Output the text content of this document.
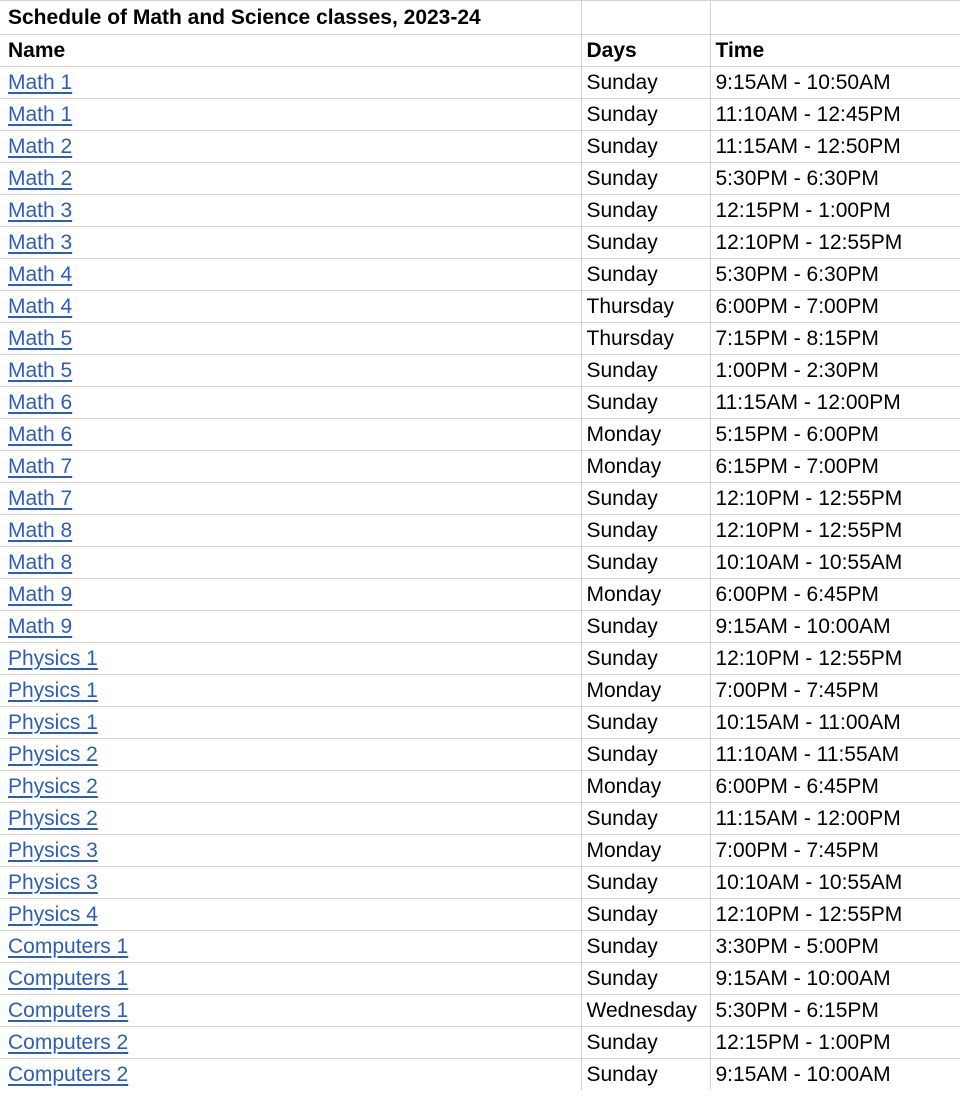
Schedule of Math and Science classes, 2023-24		
Name	Days	Time
Math 1	Sunday	9:15AM - 10:50AM
Math 1	Sunday	11:10AM - 12:45PM
Math 2	Sunday	11:15AM - 12:50PM
Math 2	Sunday	5:30PM - 6:30PM
Math 3	Sunday	12:15PM - 1:00PM
Math 3	Sunday	12:10PM - 12:55PM
Math 4	Sunday	5:30PM - 6:30PM
Math 4	Thursday	6:00PM - 7:00PM
Math 5	Thursday	7:15PM - 8:15PM
Math 5	Sunday	1:00PM - 2:30PM
Math 6	Sunday	11:15AM - 12:00PM
Math 6	Monday	5:15PM - 6:00PM
Math 7	Monday	6:15PM - 7:00PM
Math 7	Sunday	12:10PM - 12:55PM
Math 8	Sunday	12:10PM - 12:55PM
Math 8	Sunday	10:10AM - 10:55AM
Math 9	Monday	6:00PM - 6:45PM
Math 9	Sunday	9:15AM - 10:00AM
Physics 1	Sunday	12:10PM - 12:55PM
Physics 1	Monday	7:00PM - 7:45PM
Physics 1	Sunday	10:15AM - 11:00AM
Physics 2	Sunday	11:10AM - 11:55AM
Physics 2	Monday	6:00PM - 6:45PM
Physics 2	Sunday	11:15AM - 12:00PM
Physics 3	Monday	7:00PM - 7:45PM
Physics 3	Sunday	10:10AM - 10:55AM
Physics 4	Sunday	12:10PM - 12:55PM
Computers 1	Sunday	3:30PM - 5:00PM
Computers 1	Sunday	9:15AM - 10:00AM
Computers 1	Wednesday	5:30PM - 6:15PM
Computers 2	Sunday	12:15PM - 1:00PM
Computers 2	Sunday	9:15AM - 10:00AM
